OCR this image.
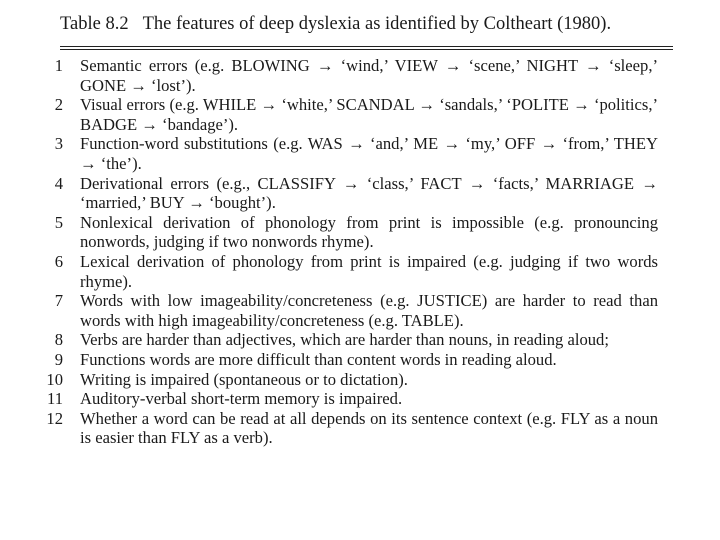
Table 8.2 The features of deep dyslexia as identified by Coltheart (1980).
1	Semantic errors (e.g. BLOWING → ‘wind,’ VIEW → ‘scene,’ NIGHT → ‘sleep,’ GONE → ‘lost’).
2	Visual errors (e.g. WHILE → ‘white,’ SCANDAL → ‘sandals,’ ‘POLITE → ‘politics,’ BADGE → ‘bandage’).
3	Function-word substitutions (e.g. WAS → ‘and,’ ME → ‘my,’ OFF → ‘from,’ THEY → ‘the’).
4	Derivational errors (e.g., CLASSIFY → ‘class,’ FACT → ‘facts,’ MARRIAGE → ‘married,’ BUY → ‘bought’).
5	Nonlexical derivation of phonology from print is impossible (e.g. pronouncing nonwords, judging if two nonwords rhyme).
6	Lexical derivation of phonology from print is impaired (e.g. judging if two words rhyme).
7	Words with low imageability/concreteness (e.g. JUSTICE) are harder to read than words with high imageability/concreteness (e.g. TABLE).
8	Verbs are harder than adjectives, which are harder than nouns, in reading aloud;
9	Functions words are more difficult than content words in reading aloud.
10	Writing is impaired (spontaneous or to dictation).
11	Auditory-verbal short-term memory is impaired.
12	Whether a word can be read at all depends on its sentence context (e.g. FLY as a noun is easier than FLY as a verb).
